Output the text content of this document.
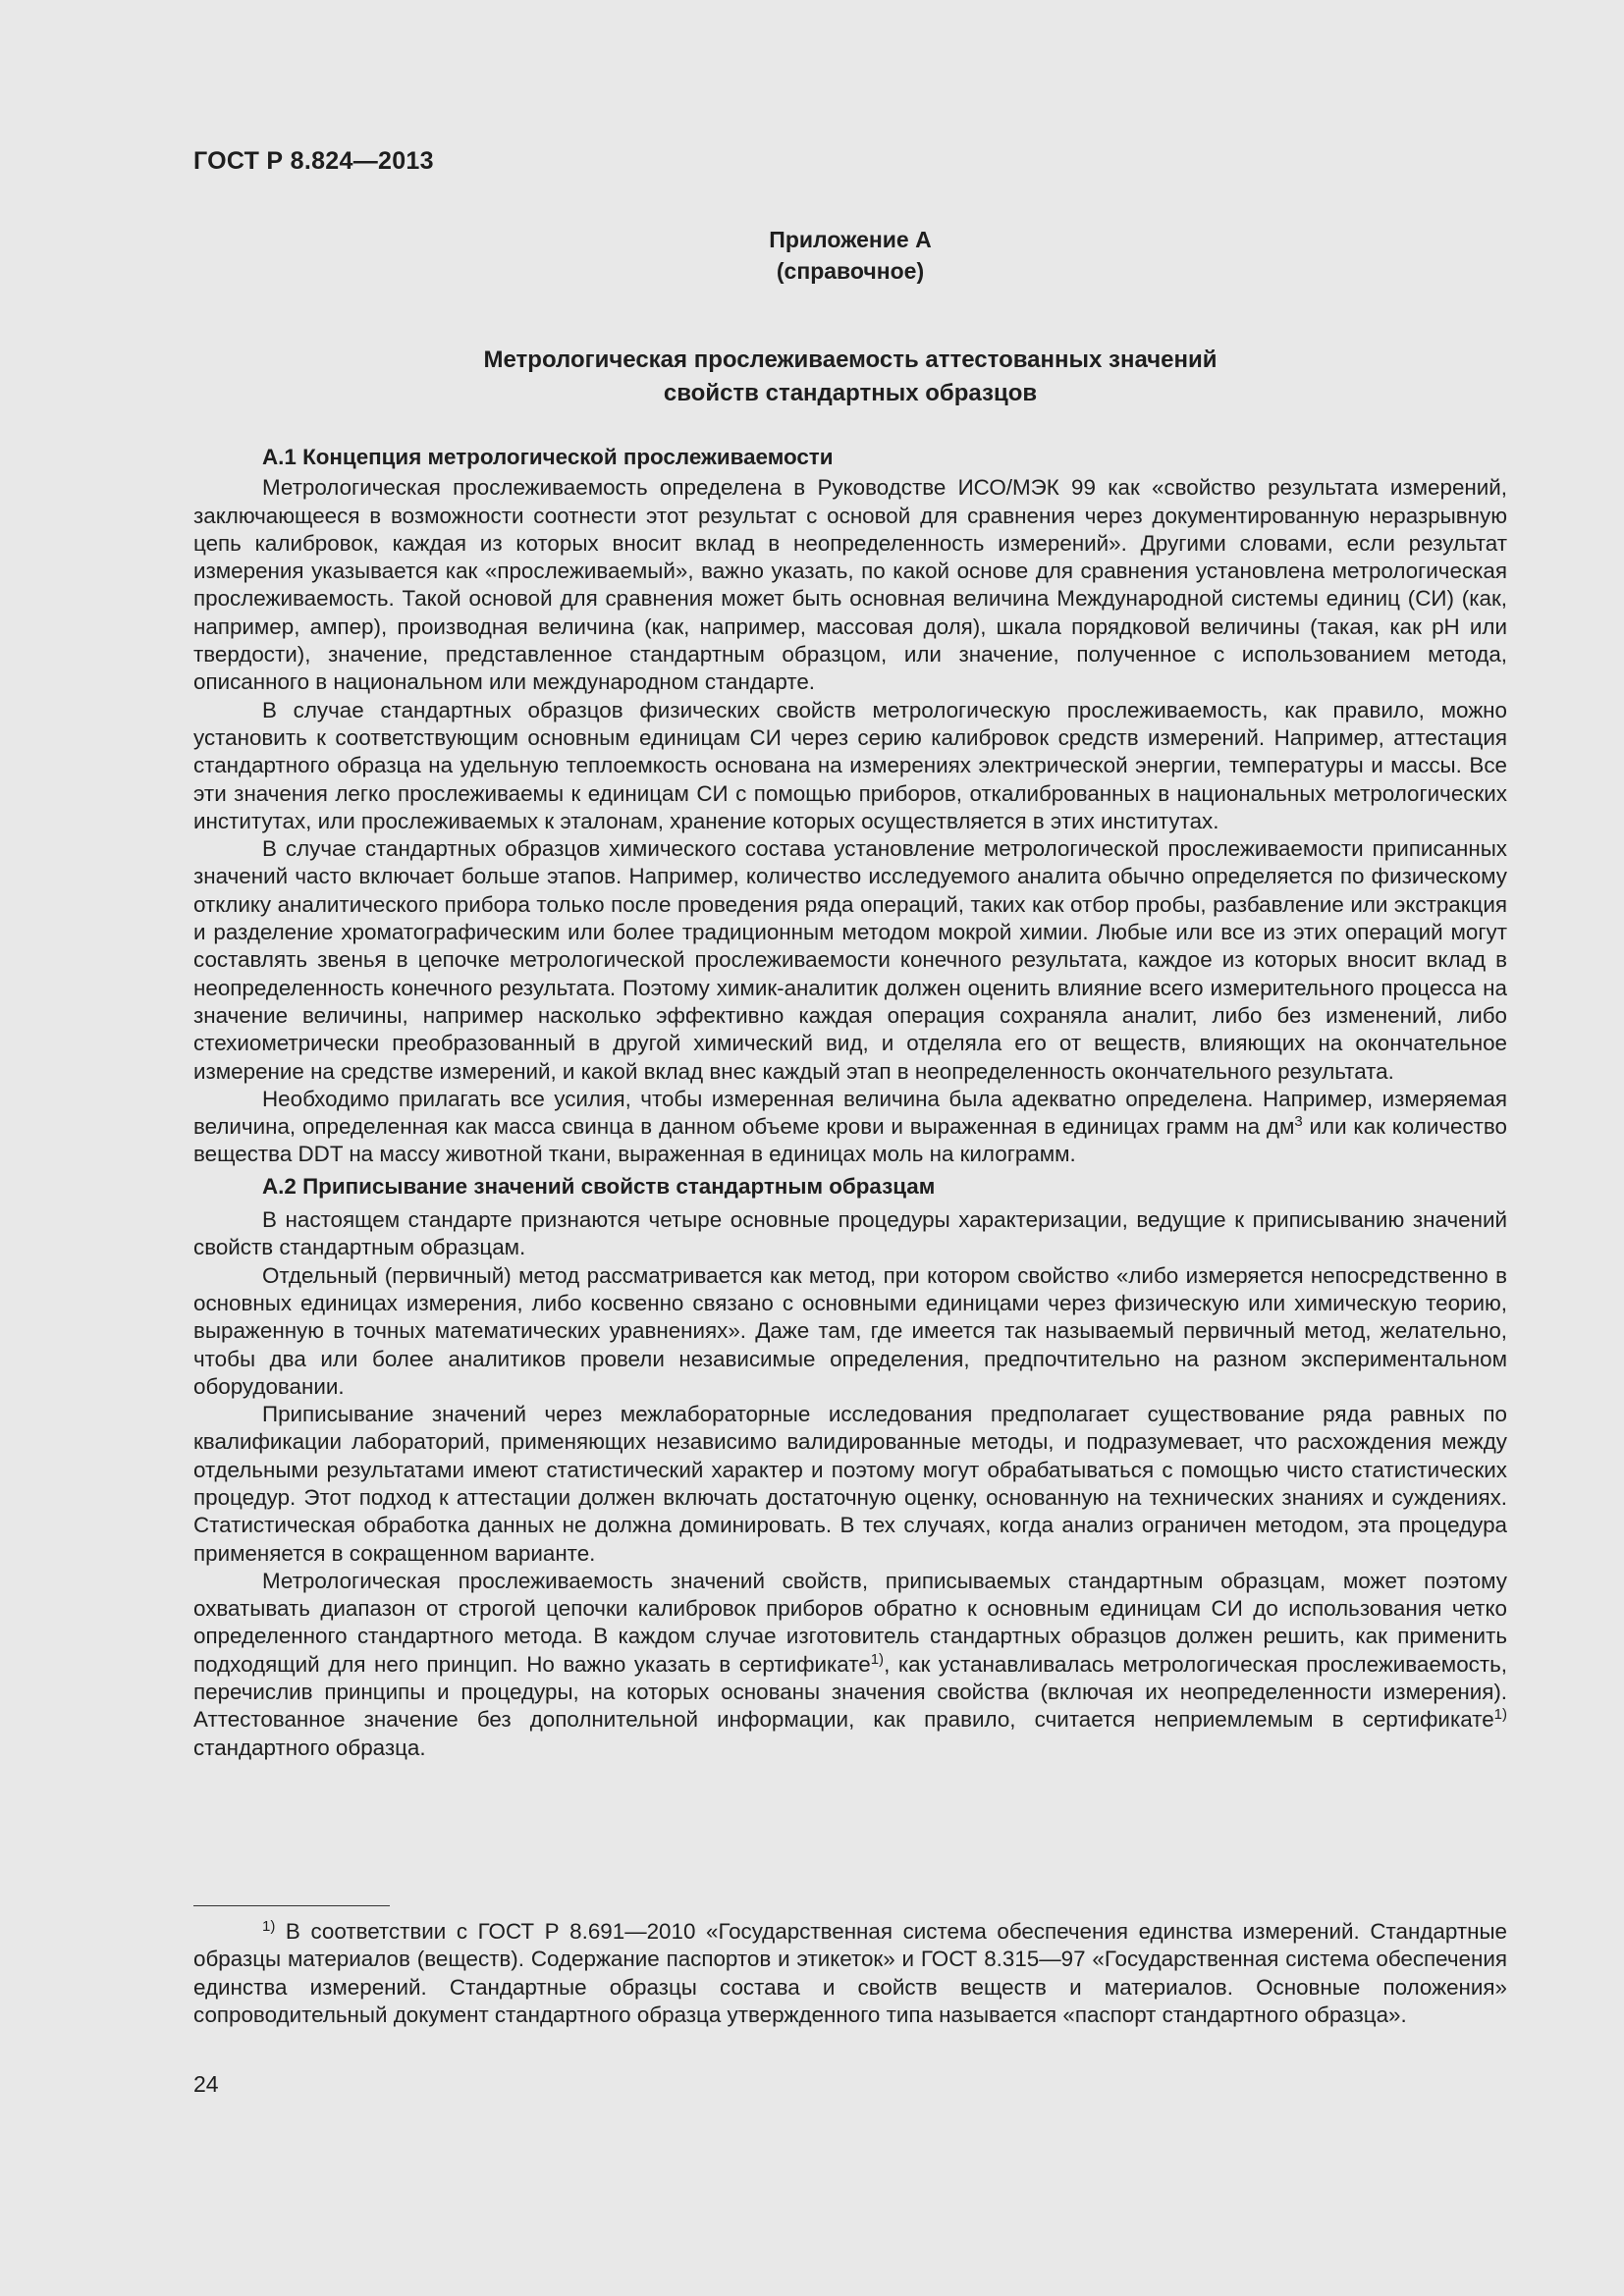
ГОСТ Р 8.824—2013
Приложение А
(справочное)
Метрологическая прослеживаемость аттестованных значений
свойств стандартных образцов
А.1 Концепция метрологической прослеживаемости

Метрологическая прослеживаемость определена в Руководстве ИСО/МЭК 99 как «свойство результата измерений, заключающееся в возможности соотнести этот результат с основой для сравнения через документированную неразрывную цепь калибровок, каждая из которых вносит вклад в неопределенность измерений». Другими словами, если результат измерения указывается как «прослеживаемый», важно указать, по какой основе для сравнения установлена метрологическая прослеживаемость. Такой основой для сравнения может быть основная величина Международной системы единиц (СИ) (как, например, ампер), производная величина (как, например, массовая доля), шкала порядковой величины (такая, как pH или твердости), значение, представленное стандартным образцом, или значение, полученное с использованием метода, описанного в национальном или международном стандарте.

В случае стандартных образцов физических свойств метрологическую прослеживаемость, как правило, можно установить к соответствующим основным единицам СИ через серию калибровок средств измерений. Например, аттестация стандартного образца на удельную теплоемкость основана на измерениях электрической энергии, температуры и массы. Все эти значения легко прослеживаемы к единицам СИ с помощью приборов, откалиброванных в национальных метрологических институтах, или прослеживаемых к эталонам, хранение которых осуществляется в этих институтах.

В случае стандартных образцов химического состава установление метрологической прослеживаемости приписанных значений часто включает больше этапов. Например, количество исследуемого аналита обычно определяется по физическому отклику аналитического прибора только после проведения ряда операций, таких как отбор пробы, разбавление или экстракция и разделение хроматографическим или более традиционным методом мокрой химии. Любые или все из этих операций могут составлять звенья в цепочке метрологической прослеживаемости конечного результата, каждое из которых вносит вклад в неопределенность конечного результата. Поэтому химик-аналитик должен оценить влияние всего измерительного процесса на значение величины, например насколько эффективно каждая операция сохраняла аналит, либо без изменений, либо стехиометрически преобразованный в другой химический вид, и отделяла его от веществ, влияющих на окончательное измерение на средстве измерений, и какой вклад внес каждый этап в неопределенность окончательного результата.

Необходимо прилагать все усилия, чтобы измеренная величина была адекватно определена. Например, измеряемая величина, определенная как масса свинца в данном объеме крови и выраженная в единицах грамм на $дм^3$ или как количество вещества DDT на массу животной ткани, выраженная в единицах моль на килограмм.

А.2 Приписывание значений свойств стандартным образцам

В настоящем стандарте признаются четыре основные процедуры характеризации, ведущие к приписыванию значений свойств стандартным образцам.

Отдельный (первичный) метод рассматривается как метод, при котором свойство «либо измеряется непосредственно в основных единицах измерения, либо косвенно связано с основными единицами через физическую или химическую теорию, выраженную в точных математических уравнениях». Даже там, где имеется так называемый первичный метод, желательно, чтобы два или более аналитиков провели независимые определения, предпочтительно на разном экспериментальном оборудовании.

Приписывание значений через межлабораторные исследования предполагает существование ряда равных по квалификации лабораторий, применяющих независимо валидированные методы, и подразумевает, что расхождения между отдельными результатами имеют статистический характер и поэтому могут обрабатываться с помощью чисто статистических процедур. Этот подход к аттестации должен включать достаточную оценку, основанную на технических знаниях и суждениях. Статистическая обработка данных не должна доминировать. В тех случаях, когда анализ ограничен методом, эта процедура применяется в сокращенном варианте.

Метрологическая прослеживаемость значений свойств, приписываемых стандартным образцам, может поэтому охватывать диапазон от строгой цепочки калибровок приборов обратно к основным единицам СИ до использования четко определенного стандартного метода. В каждом случае изготовитель стандартных образцов должен решить, как применить подходящий для него принцип. Но важно указать в сертификате$^{1)}$, как устанавливалась метрологическая прослеживаемость, перечислив принципы и процедуры, на которых основаны значения свойства (включая их неопределенности измерения). Аттестованное значение без дополнительной информации, как правило, считается неприемлемым в сертификате$^{1)}$ стандартного образца.

$^{1)}$ В соответствии с ГОСТ Р 8.691—2010 «Государственная система обеспечения единства измерений. Стандартные образцы материалов (веществ). Содержание паспортов и этикеток» и ГОСТ 8.315—97 «Государственная система обеспечения единства измерений. Стандартные образцы состава и свойств веществ и материалов. Основные положения» сопроводительный документ стандартного образца утвержденного типа называется «паспорт стандартного образца».
24
